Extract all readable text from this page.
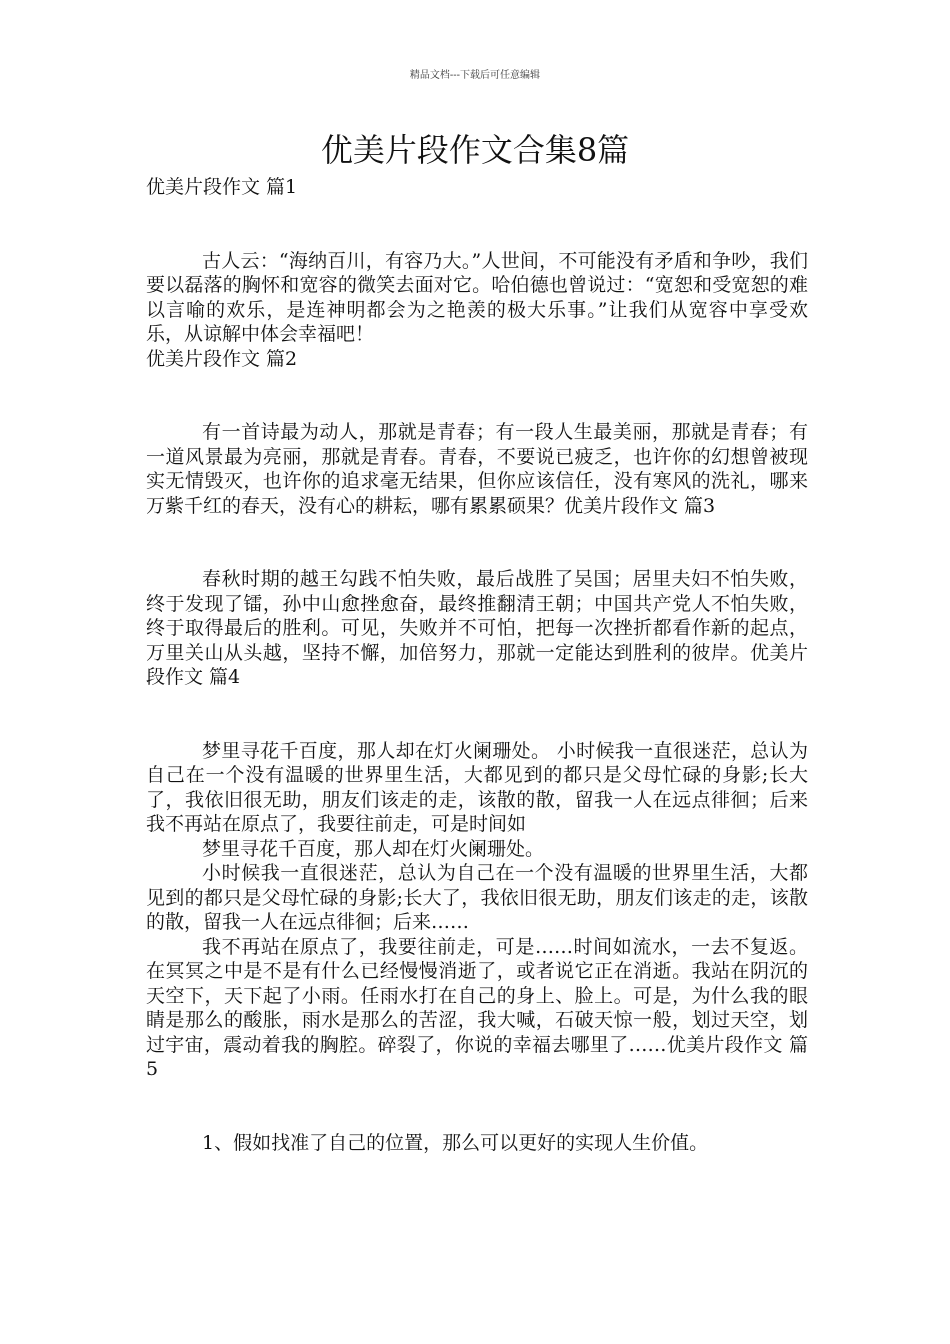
精品文档---下载后可任意编辑
优美片段作文合集8篇

优美片段作文 篇1

古人云：“海纳百川，有容乃大。”人世间，不可能没有矛盾和争吵，我们要以磊落的胸怀和宽容的微笑去面对它。哈伯德也曾说过：“宽恕和受宽恕的难以言喻的欢乐，是连神明都会为之艳羡的极大乐事。”让我们从宽容中享受欢乐，从谅解中体会幸福吧！
优美片段作文 篇2

有一首诗最为动人，那就是青春；有一段人生最美丽，那就是青春；有一道风景最为亮丽，那就是青春。青春，不要说已疲乏，也许你的幻想曾被现实无情毁灭，也许你的追求毫无结果，但你应该信任，没有寒风的洗礼，哪来万紫千红的春天，没有心的耕耘，哪有累累硕果？优美片段作文 篇3

春秋时期的越王勾践不怕失败，最后战胜了吴国；居里夫妇不怕失败，终于发现了镭，孙中山愈挫愈奋，最终推翻清王朝；中国共产党人不怕失败，终于取得最后的胜利。可见，失败并不可怕，把每一次挫折都看作新的起点，万里关山从头越，坚持不懈，加倍努力，那就一定能达到胜利的彼岸。优美片段作文 篇4

梦里寻花千百度，那人却在灯火阑珊处。 小时候我一直很迷茫，总认为自己在一个没有温暖的世界里生活，大都见到的都只是父母忙碌的身影;长大了，我依旧很无助，朋友们该走的走，该散的散，留我一人在远点徘徊；后来 我不再站在原点了，我要往前走，可是时间如

梦里寻花千百度，那人却在灯火阑珊处。

小时候我一直很迷茫，总认为自己在一个没有温暖的世界里生活，大都见到的都只是父母忙碌的身影;长大了，我依旧很无助，朋友们该走的走，该散的散，留我一人在远点徘徊；后来……

我不再站在原点了，我要往前走，可是……时间如流水，一去不复返。在冥冥之中是不是有什么已经慢慢消逝了，或者说它正在消逝。我站在阴沉的天空下，天下起了小雨。任雨水打在自己的身上、脸上。可是，为什么我的眼睛是那么的酸胀，雨水是那么的苦涩，我大喊，石破天惊一般，划过天空，划过宇宙，震动着我的胸腔。碎裂了，你说的幸福去哪里了……优美片段作文 篇5

1、假如找准了自己的位置，那么可以更好的实现人生价值。
